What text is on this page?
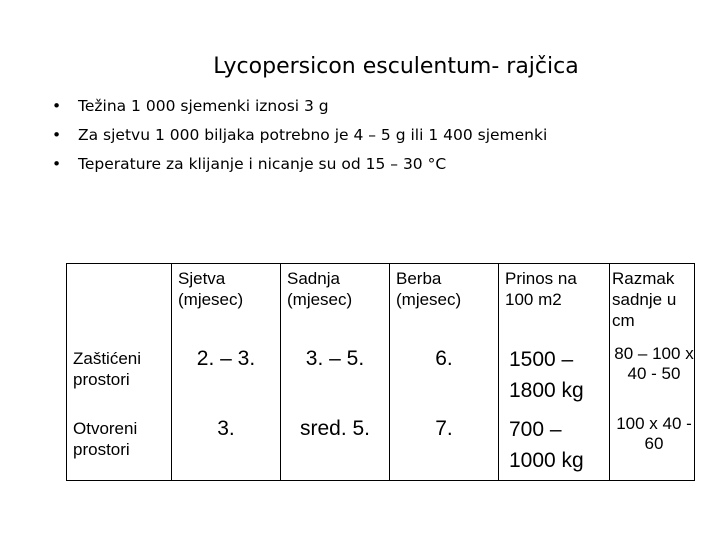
Lycopersicon esculentum- rajčica
•	Težina 1 000 sjemenki iznosi 3 g
•	Za sjetvu 1 000 biljaka potrebno je 4 – 5 g ili 1 400 sjemenki
•	Teperature za klijanje i nicanje su od 15 – 30 °C
	Sjetva (mjesec)	Sadnja (mjesec)	Berba (mjesec)	Prinos na 100 m2	Razmak sadnje u cm
Zaštićeni prostori	2. – 3.	3. – 5.	6.	1500 – 1800 kg	80 – 100 x 40 - 50
Otvoreni prostori	3.	sred. 5.	7.	700 – 1000 kg	100 x 40 - 60
